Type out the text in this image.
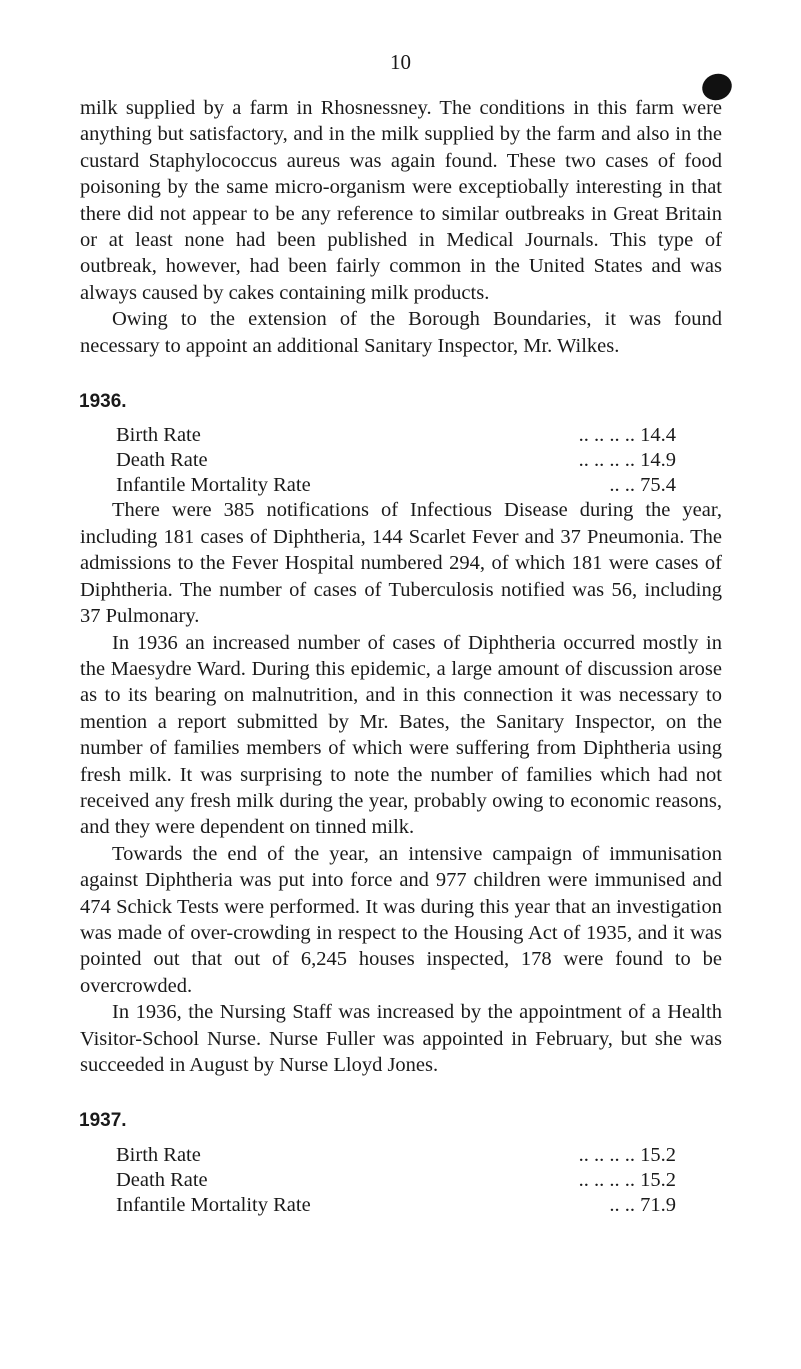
10

milk supplied by a farm in Rhosnessney. The conditions in this farm were anything but satisfactory, and in the milk supplied by the farm and also in the custard Staphylococcus aureus was again found. These two cases of food poisoning by the same micro-organism were exceptiobally interesting in that there did not appear to be any reference to similar outbreaks in Great Britain or at least none had been published in Medical Journals. This type of outbreak, however, had been fairly common in the United States and was always caused by cakes containing milk products.

Owing to the extension of the Borough Boundaries, it was found necessary to appoint an additional Sanitary Inspector, Mr. Wilkes.

1936.
Birth Rate	.. .. .. .. 14.4
Death Rate	.. .. .. .. 14.9
Infantile Mortality Rate	.. .. 75.4

There were 385 notifications of Infectious Disease during the year, including 181 cases of Diphtheria, 144 Scarlet Fever and 37 Pneumonia. The admissions to the Fever Hospital numbered 294, of which 181 were cases of Diphtheria. The number of cases of Tuberculosis notified was 56, including 37 Pulmonary.

In 1936 an increased number of cases of Diphtheria occurred mostly in the Maesydre Ward. During this epidemic, a large amount of discussion arose as to its bearing on malnutrition, and in this connection it was necessary to mention a report submitted by Mr. Bates, the Sanitary Inspector, on the number of families members of which were suffering from Diphtheria using fresh milk. It was surprising to note the number of families which had not received any fresh milk during the year, probably owing to economic reasons, and they were dependent on tinned milk.

Towards the end of the year, an intensive campaign of immunisation against Diphtheria was put into force and 977 children were immunised and 474 Schick Tests were performed. It was during this year that an investigation was made of over-crowding in respect to the Housing Act of 1935, and it was pointed out that out of 6,245 houses inspected, 178 were found to be overcrowded.

In 1936, the Nursing Staff was increased by the appointment of a Health Visitor-School Nurse. Nurse Fuller was appointed in February, but she was succeeded in August by Nurse Lloyd Jones.

1937.
Birth Rate	.. .. .. .. 15.2
Death Rate	.. .. .. .. 15.2
Infantile Mortality Rate	.. .. 71.9
